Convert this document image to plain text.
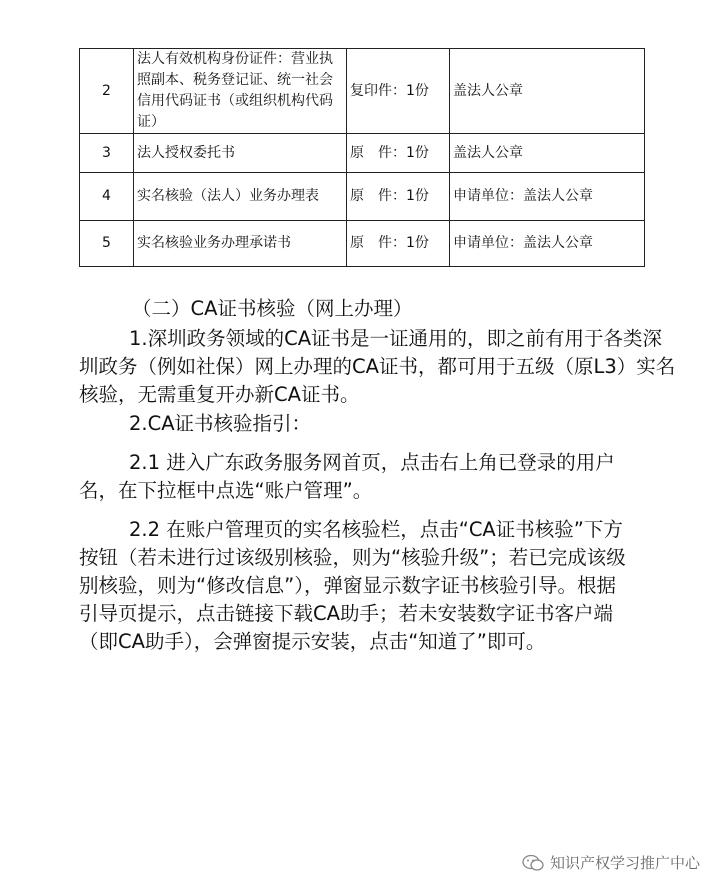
2	法人有效机构身份证件：营业执照副本、税务登记证、统一社会信用代码证书（或组织机构代码证）	复印件：1份	盖法人公章
3	法人授权委托书	原　件：1份	盖法人公章
4	实名核验（法人）业务办理表	原　件：1份	申请单位：盖法人公章
5	实名核验业务办理承诺书	原　件：1份	申请单位：盖法人公章

（二）CA证书核验（网上办理）

1.深圳政务领域的CA证书是一证通用的，即之前有用于各类深圳政务（例如社保）网上办理的CA证书，都可用于五级（原L3）实名核验，无需重复开办新CA证书。

2.CA证书核验指引：

2.1 进入广东政务服务网首页，点击右上角已登录的用户名，在下拉框中点选“账户管理”。

2.2 在账户管理页的实名核验栏，点击“CA证书核验”下方按钮（若未进行过该级别核验，则为“核验升级”；若已完成该级别核验，则为“修改信息”），弹窗显示数字证书核验引导。根据引导页提示，点击链接下载CA助手；若未安装数字证书客户端（即CA助手），会弹窗提示安装，点击“知道了”即可。

知识产权学习推广中心
